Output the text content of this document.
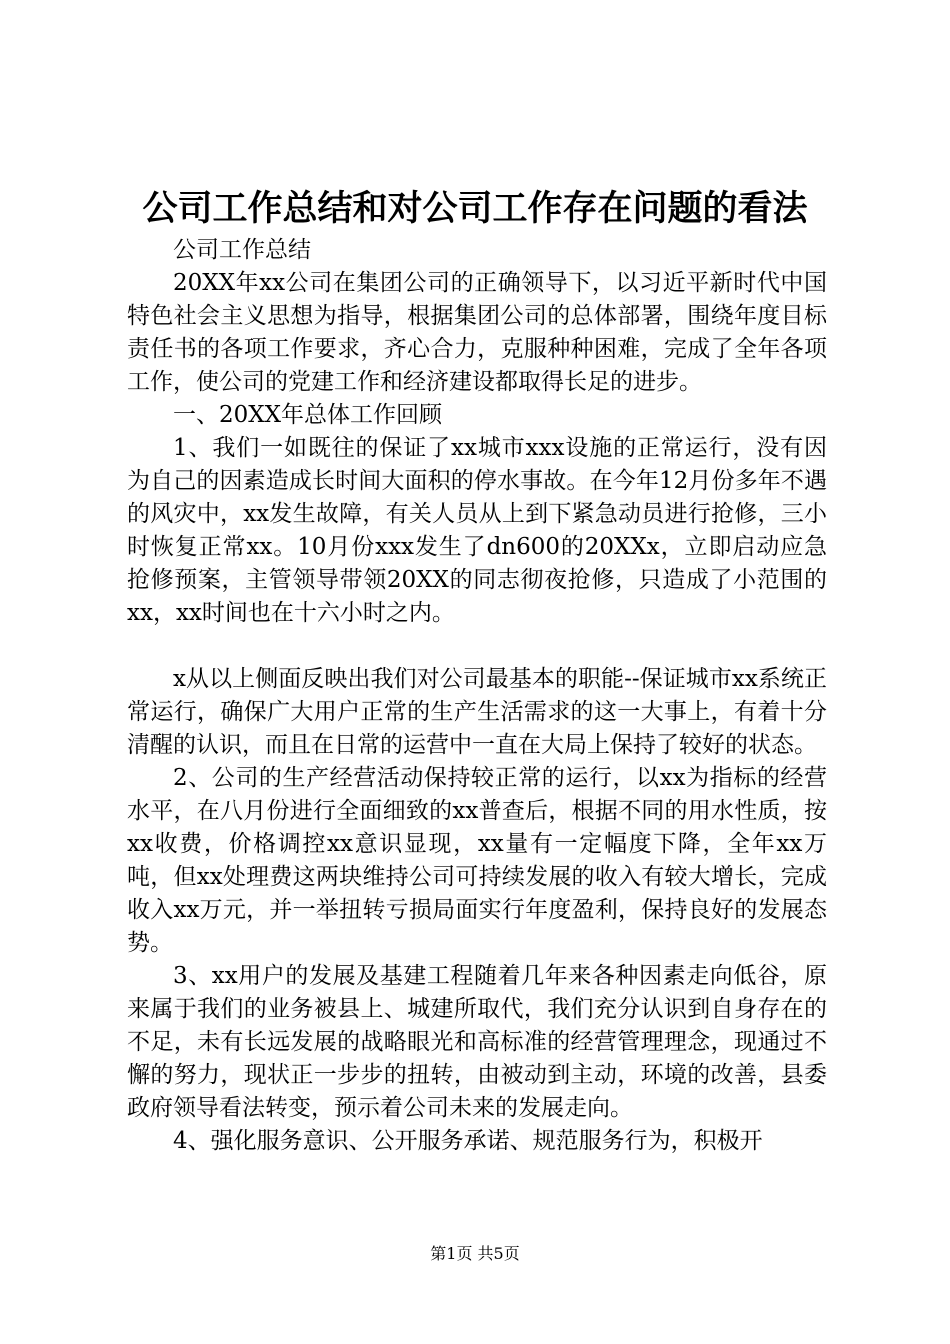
公司工作总结和对公司工作存在问题的看法

公司工作总结

20XX年xx公司在集团公司的正确领导下，以习近平新时代中国特色社会主义思想为指导，根据集团公司的总体部署，围绕年度目标责任书的各项工作要求，齐心合力，克服种种困难，完成了全年各项工作，使公司的党建工作和经济建设都取得长足的进步。

一、20XX年总体工作回顾

1、我们一如既往的保证了xx城市xxx设施的正常运行，没有因为自己的因素造成长时间大面积的停水事故。在今年12月份多年不遇的风灾中，xx发生故障，有关人员从上到下紧急动员进行抢修，三小时恢复正常xx。10月份xxx发生了dn600的20XXx，立即启动应急抢修预案，主管领导带领20XX的同志彻夜抢修，只造成了小范围的xx，xx时间也在十六小时之内。

x从以上侧面反映出我们对公司最基本的职能--保证城市xx系统正常运行，确保广大用户正常的生产生活需求的这一大事上，有着十分清醒的认识，而且在日常的运营中一直在大局上保持了较好的状态。

2、公司的生产经营活动保持较正常的运行，以xx为指标的经营水平，在八月份进行全面细致的xx普查后，根据不同的用水性质，按xx收费，价格调控xx意识显现，xx量有一定幅度下降，全年xx万吨，但xx处理费这两块维持公司可持续发展的收入有较大增长，完成收入xx万元，并一举扭转亏损局面实行年度盈利，保持良好的发展态势。

3、xx用户的发展及基建工程随着几年来各种因素走向低谷，原来属于我们的业务被县上、城建所取代，我们充分认识到自身存在的不足，未有长远发展的战略眼光和高标准的经营管理理念，现通过不懈的努力，现状正一步步的扭转，由被动到主动，环境的改善，县委政府领导看法转变，预示着公司未来的发展走向。

4、强化服务意识、公开服务承诺、规范服务行为，积极开

第1页 共5页
